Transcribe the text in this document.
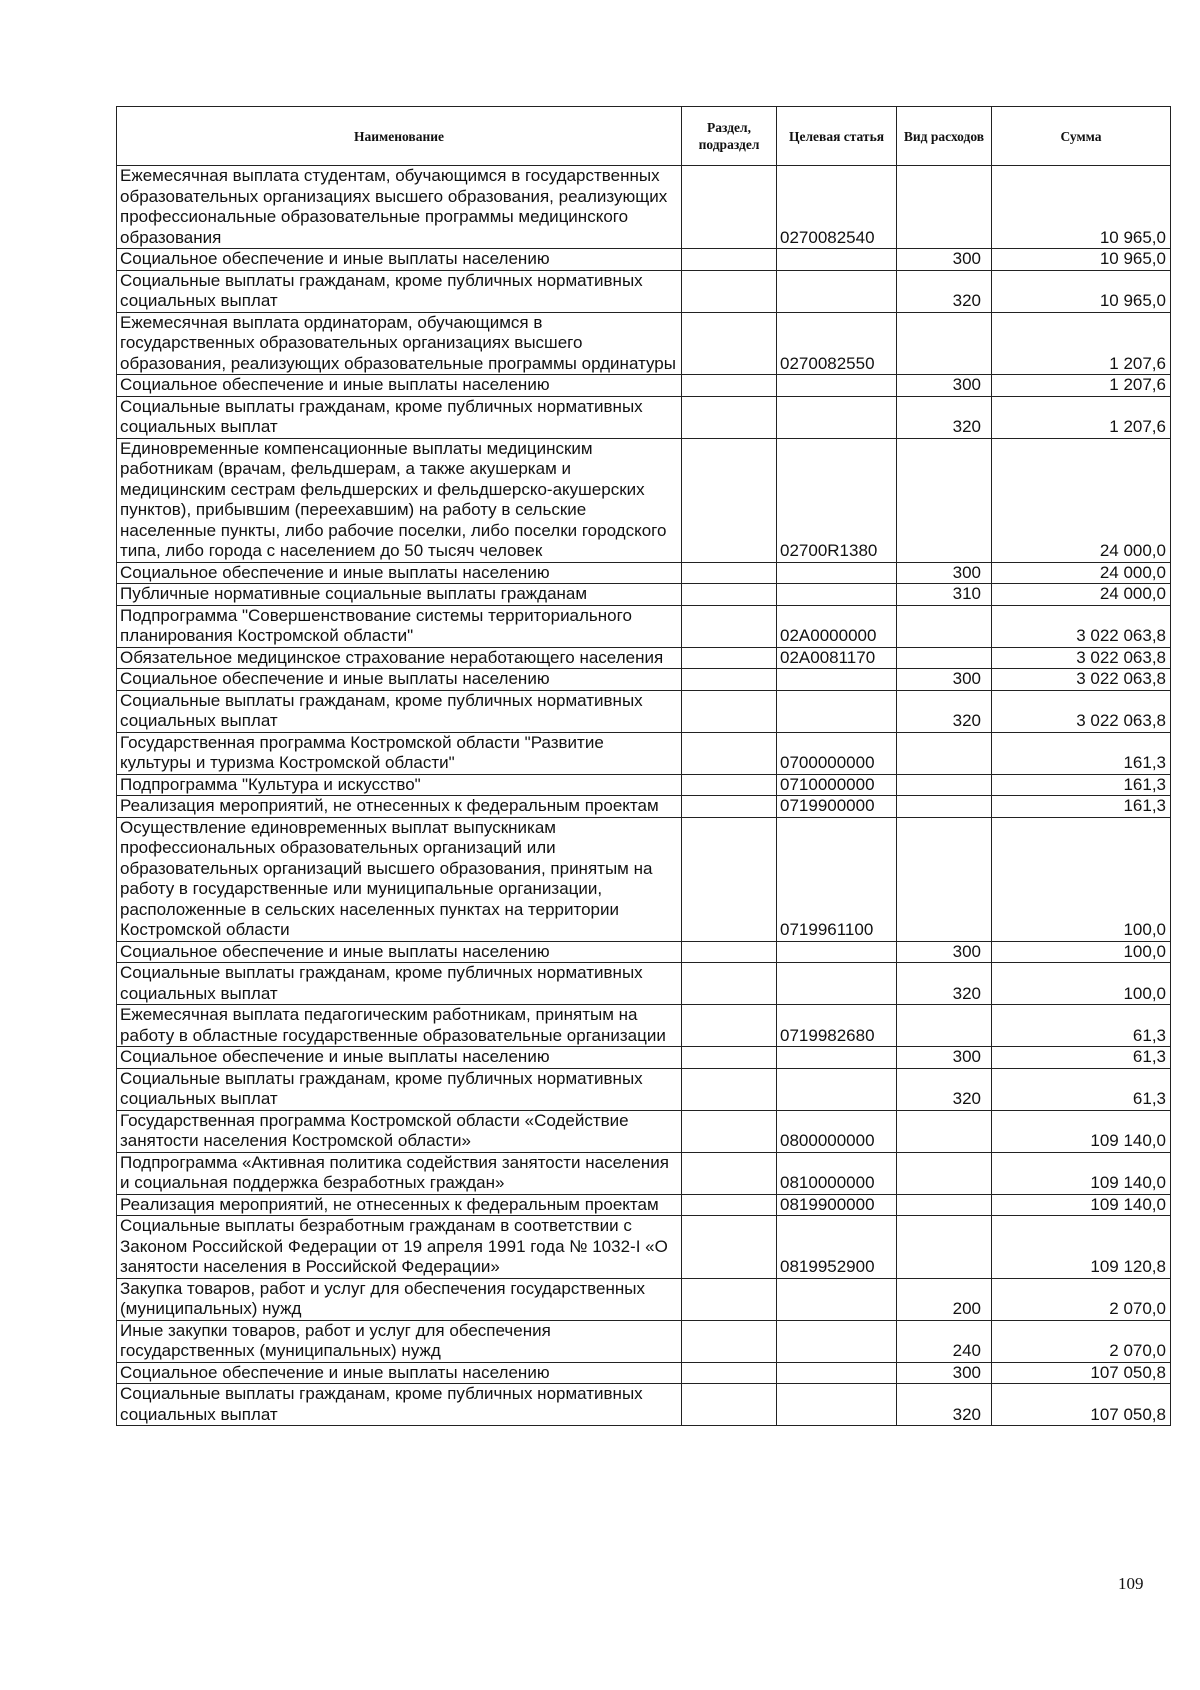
Наименование	Раздел, подраздел	Целевая статья	Вид расходов	Сумма
Ежемесячная выплата студентам, обучающимся в государственных образовательных организациях высшего образования, реализующих профессиональные образовательные программы медицинского образования		0270082540		10 965,0
Социальное обеспечение и иные выплаты населению			300	10 965,0
Социальные выплаты гражданам, кроме публичных нормативных социальных выплат			320	10 965,0
Ежемесячная выплата ординаторам, обучающимся в государственных образовательных организациях высшего образования, реализующих образовательные программы ординатуры		0270082550		1 207,6
Социальное обеспечение и иные выплаты населению			300	1 207,6
Социальные выплаты гражданам, кроме публичных нормативных социальных выплат			320	1 207,6
Единовременные компенсационные выплаты медицинским работникам (врачам, фельдшерам, а также акушеркам и медицинским сестрам фельдшерских и фельдшерско-акушерских пунктов), прибывшим (переехавшим) на работу в сельские населенные пункты, либо рабочие поселки, либо поселки городского типа, либо города с населением до 50 тысяч человек		02700R1380		24 000,0
Социальное обеспечение и иные выплаты населению			300	24 000,0
Публичные нормативные социальные выплаты гражданам			310	24 000,0
Подпрограмма "Совершенствование системы территориального планирования Костромской области"		02A0000000		3 022 063,8
Обязательное медицинское страхование неработающего населения		02A0081170		3 022 063,8
Социальное обеспечение и иные выплаты населению			300	3 022 063,8
Социальные выплаты гражданам, кроме публичных нормативных социальных выплат			320	3 022 063,8
Государственная программа Костромской области "Развитие культуры и туризма Костромской области"		0700000000		161,3
Подпрограмма "Культура и искусство"		0710000000		161,3
Реализация мероприятий, не отнесенных к федеральным проектам		0719900000		161,3
Осуществление единовременных выплат выпускникам профессиональных образовательных организаций или образовательных организаций высшего образования, принятым на работу в государственные или муниципальные организации, расположенные в сельских населенных пунктах на территории Костромской области		0719961100		100,0
Социальное обеспечение и иные выплаты населению			300	100,0
Социальные выплаты гражданам, кроме публичных нормативных социальных выплат			320	100,0
Ежемесячная выплата педагогическим работникам, принятым на работу в областные государственные образовательные организации		0719982680		61,3
Социальное обеспечение и иные выплаты населению			300	61,3
Социальные выплаты гражданам, кроме публичных нормативных социальных выплат			320	61,3
Государственная программа Костромской области «Содействие занятости населения Костромской области»		0800000000		109 140,0
Подпрограмма «Активная политика содействия занятости населения и социальная поддержка безработных граждан»		0810000000		109 140,0
Реализация мероприятий, не отнесенных к федеральным проектам		0819900000		109 140,0
Социальные выплаты безработным гражданам в соответствии с Законом Российской Федерации от 19 апреля 1991 года № 1032-I «О занятости населения в Российской Федерации»		0819952900		109 120,8
Закупка товаров, работ и услуг для обеспечения государственных (муниципальных) нужд			200	2 070,0
Иные закупки товаров, работ и услуг для обеспечения государственных (муниципальных) нужд			240	2 070,0
Социальное обеспечение и иные выплаты населению			300	107 050,8
Социальные выплаты гражданам, кроме публичных нормативных социальных выплат			320	107 050,8
109
